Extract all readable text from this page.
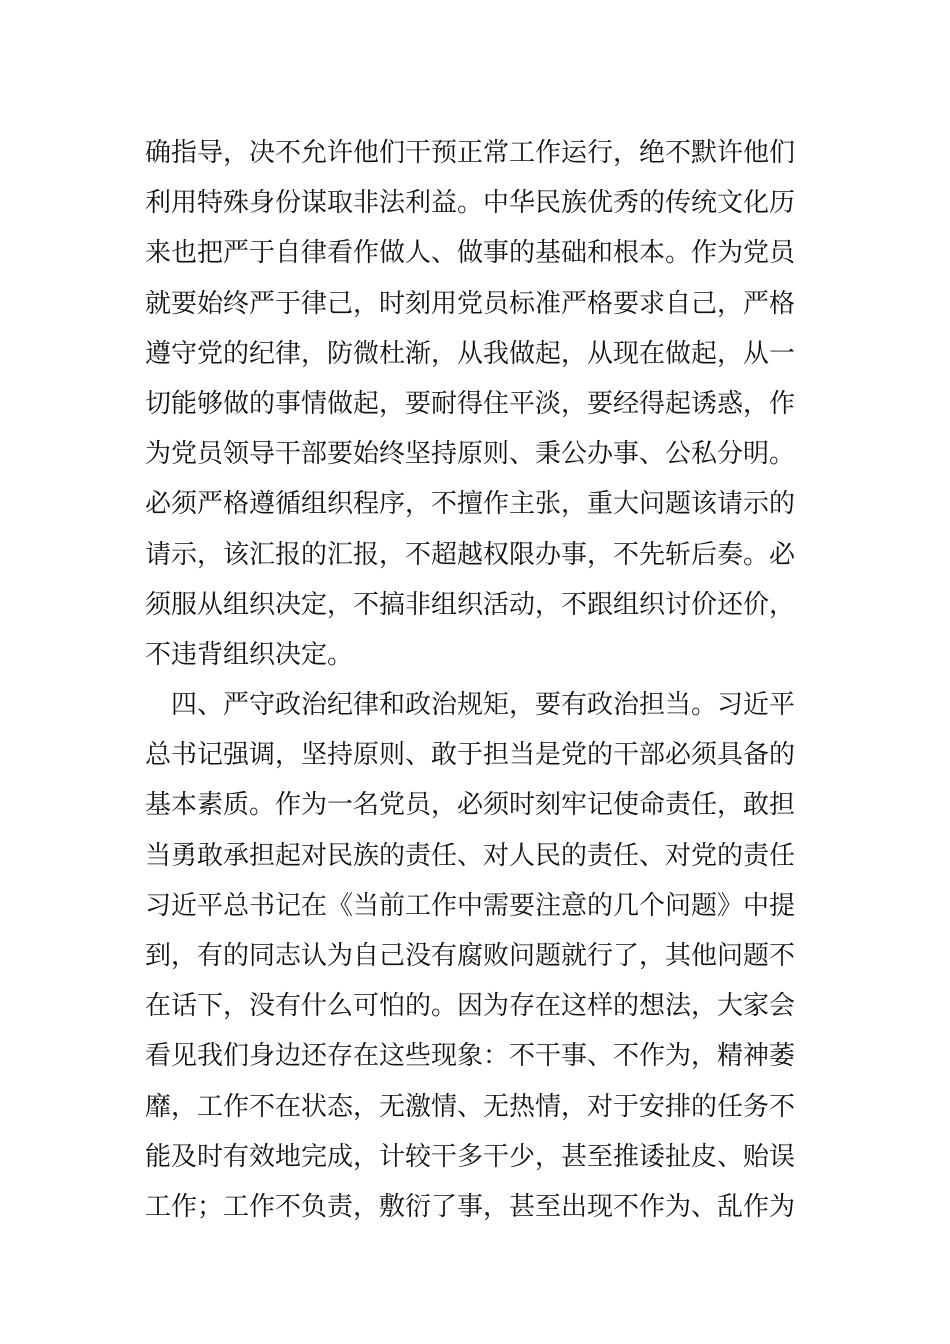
确指导，决不允许他们干预正常工作运行，绝不默许他们
利用特殊身份谋取非法利益。中华民族优秀的传统文化历
来也把严于自律看作做人、做事的基础和根本。作为党员
就要始终严于律己，时刻用党员标准严格要求自己，严格
遵守党的纪律，防微杜渐，从我做起，从现在做起，从一
切能够做的事情做起，要耐得住平淡，要经得起诱惑，作
为党员领导干部要始终坚持原则、秉公办事、公私分明。
必须严格遵循组织程序，不擅作主张，重大问题该请示的
请示，该汇报的汇报，不超越权限办事，不先斩后奏。必
须服从组织决定，不搞非组织活动，不跟组织讨价还价，
不违背组织决定。
　四、严守政治纪律和政治规矩，要有政治担当。习近平
总书记强调，坚持原则、敢于担当是党的干部必须具备的
基本素质。作为一名党员，必须时刻牢记使命责任，敢担
当勇敢承担起对民族的责任、对人民的责任、对党的责任
习近平总书记在《当前工作中需要注意的几个问题》中提
到，有的同志认为自己没有腐败问题就行了，其他问题不
在话下，没有什么可怕的。因为存在这样的想法，大家会
看见我们身边还存在这些现象：不干事、不作为，精神萎
靡，工作不在状态，无激情、无热情，对于安排的任务不
能及时有效地完成，计较干多干少，甚至推诿扯皮、贻误
工作；工作不负责，敷衍了事，甚至出现不作为、乱作为
